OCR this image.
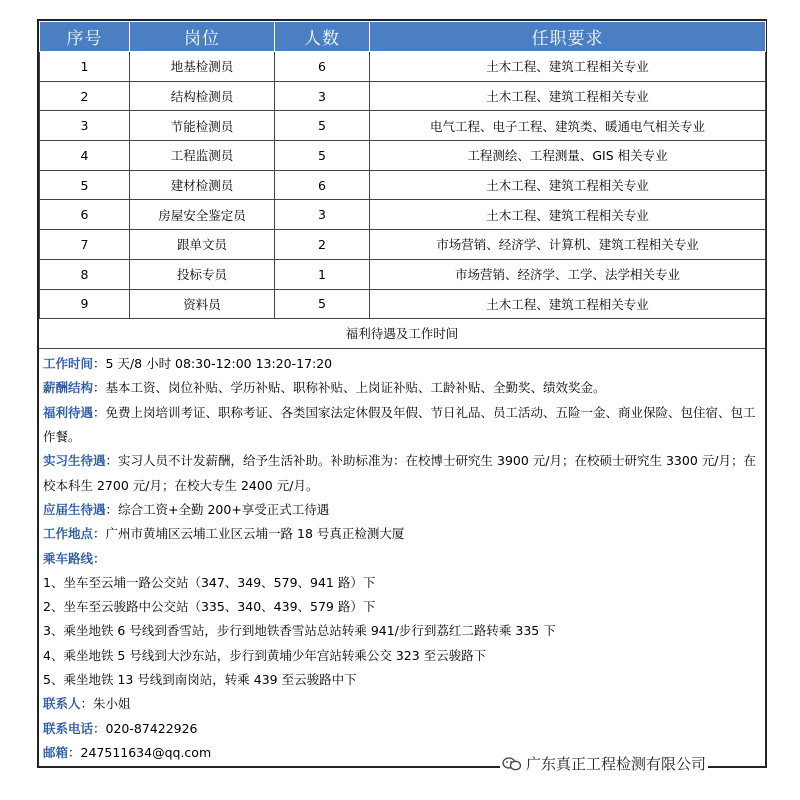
序号	岗位	人数	任职要求
1	地基检测员	6	土木工程、建筑工程相关专业
2	结构检测员	3	土木工程、建筑工程相关专业
3	节能检测员	5	电气工程、电子工程、建筑类、暖通电气相关专业
4	工程监测员	5	工程测绘、工程测量、GIS 相关专业
5	建材检测员	6	土木工程、建筑工程相关专业
6	房屋安全鉴定员	3	土木工程、建筑工程相关专业
7	跟单文员	2	市场营销、经济学、计算机、建筑工程相关专业
8	投标专员	1	市场营销、经济学、工学、法学相关专业
9	资料员	5	土木工程、建筑工程相关专业
福利待遇及工作时间
工作时间：5 天/8 小时 08:30-12:00 13:20-17:20
薪酬结构：基本工资、岗位补贴、学历补贴、职称补贴、上岗证补贴、工龄补贴、全勤奖、绩效奖金。
福利待遇：免费上岗培训考证、职称考证、各类国家法定休假及年假、节日礼品、员工活动、五险一金、商业保险、包住宿、包工作餐。
实习生待遇：实习人员不计发薪酬，给予生活补助。补助标准为：在校博士研究生 3900 元/月；在校硕士研究生 3300 元/月；在校本科生 2700 元/月；在校大专生 2400 元/月。
应届生待遇：综合工资+全勤 200+享受正式工待遇
工作地点：广州市黄埔区云埔工业区云埔一路 18 号真正检测大厦
乘车路线：
1、坐车至云埔一路公交站（347、349、579、941 路）下
2、坐车至云骏路中公交站（335、340、439、579 路）下
3、乘坐地铁 6 号线到香雪站，步行到地铁香雪站总站转乘 941/步行到荔红二路转乘 335 下
4、乘坐地铁 5 号线到大沙东站，步行到黄埔少年宫站转乘公交 323 至云骏路下
5、乘坐地铁 13 号线到南岗站，转乘 439 至云骏路中下
联系人：朱小姐
联系电话：020-87422926
邮箱：247511634@qq.com
广东真正工程检测有限公司
